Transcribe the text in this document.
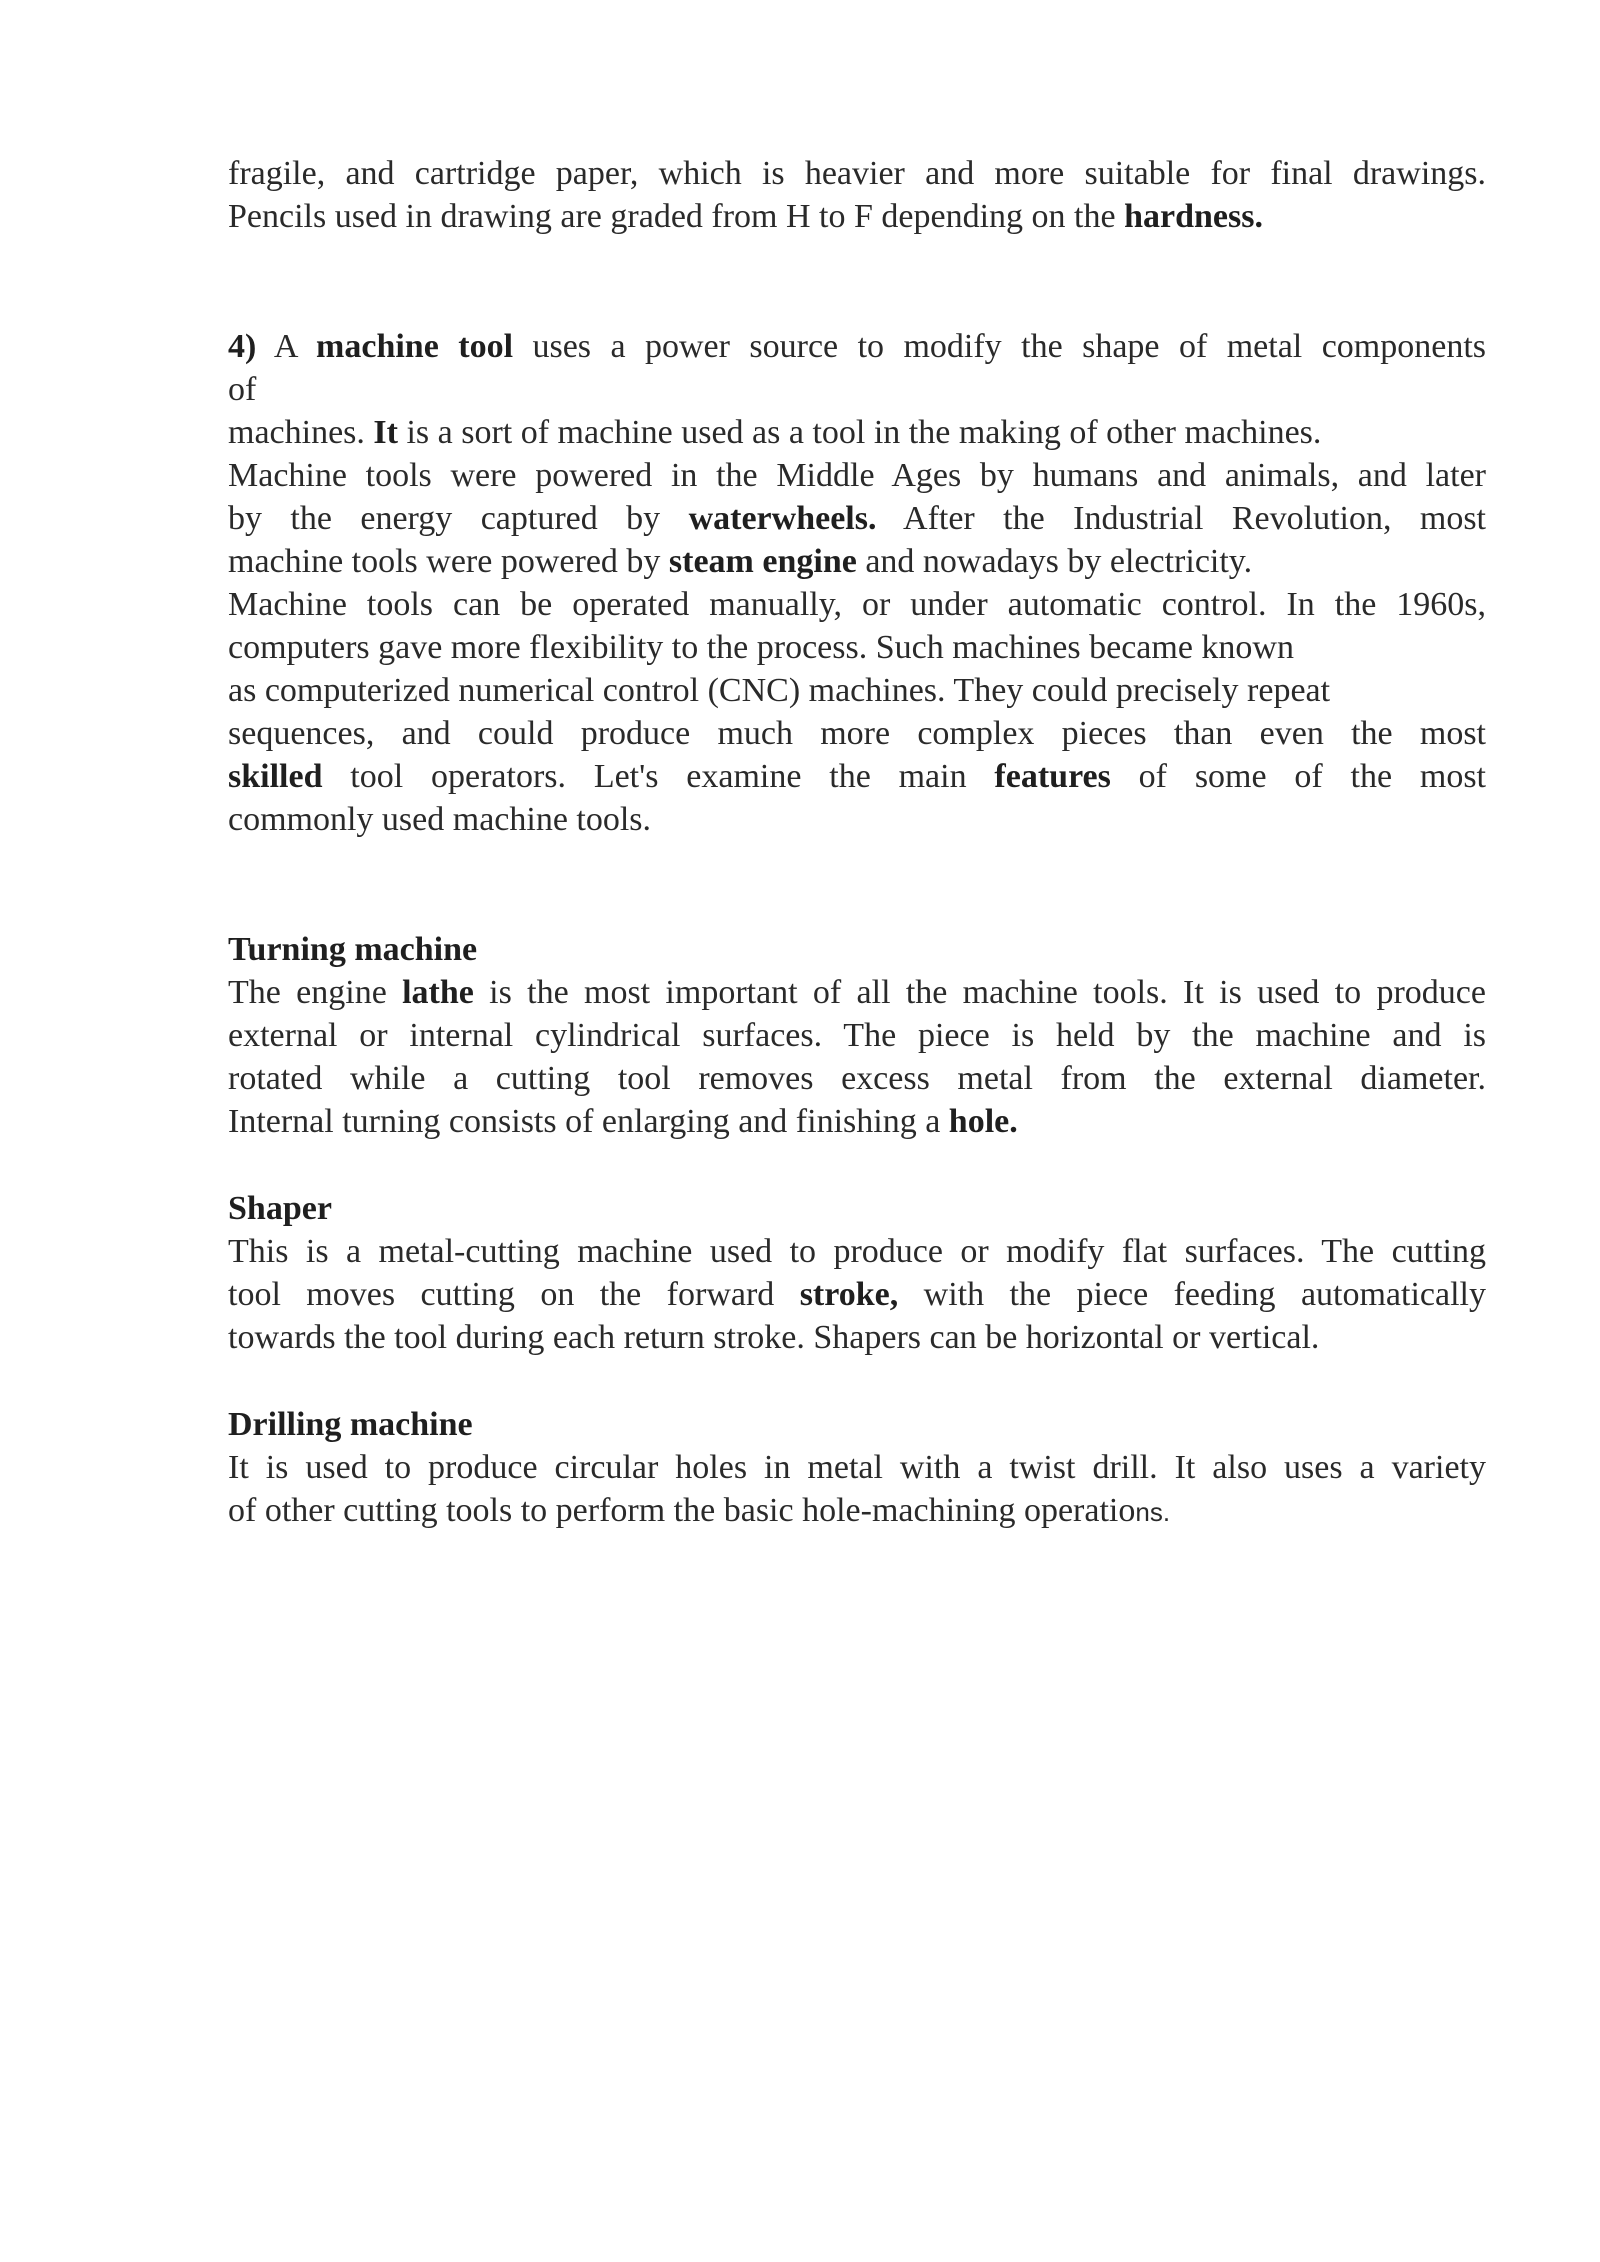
fragile, and cartridge paper, which is heavier and more suitable for final drawings.
Pencils used in drawing are graded from H to F depending on the hardness.
4) A machine tool uses a power source to modify the shape of metal components
of
machines. It is a sort of machine used as a tool in the making of other machines.
Machine tools were powered in the Middle Ages by humans and animals, and later
by the energy captured by waterwheels. After the Industrial Revolution, most
machine tools were powered by steam engine and nowadays by electricity.
Machine tools can be operated manually, or under automatic control. In the 1960s,
computers gave more flexibility to the process. Such machines became known
as computerized numerical control (CNC) machines. They could precisely repeat
sequences, and could produce much more complex pieces than even the most
skilled tool operators. Let's examine the main features of some of the most
commonly used machine tools.
Turning machine
The engine lathe is the most important of all the machine tools. It is used to produce
external or internal cylindrical surfaces. The piece is held by the machine and is
rotated while a cutting tool removes excess metal from the external diameter.
Internal turning consists of enlarging and finishing a hole.
Shaper
This is a metal-cutting machine used to produce or modify flat surfaces. The cutting
tool moves cutting on the forward stroke, with the piece feeding automatically
towards the tool during each return stroke. Shapers can be horizontal or vertical.
Drilling machine
It is used to produce circular holes in metal with a twist drill. It also uses a variety
of other cutting tools to perform the basic hole-machining operations.
